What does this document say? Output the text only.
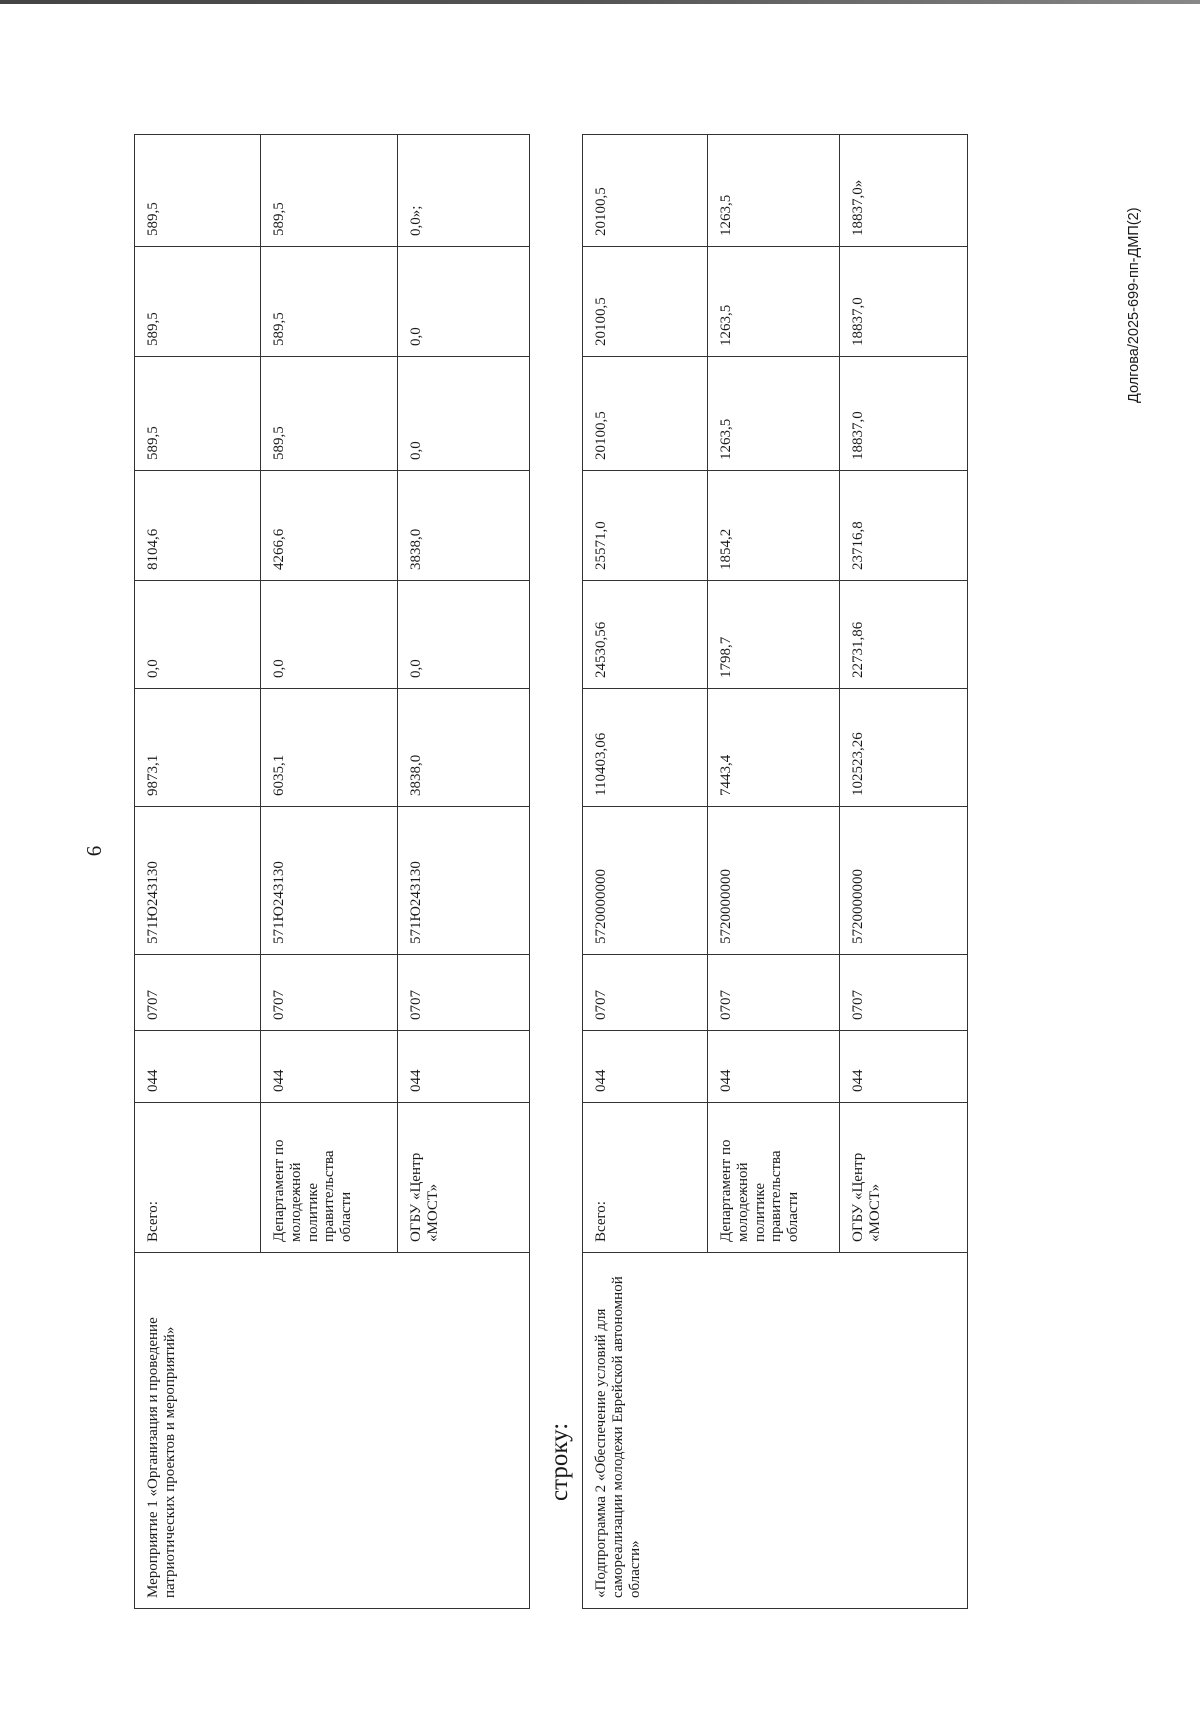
6
Мероприятие 1 «Организация и проведение патриотических проектов и мероприятий»	Всего:	044	0707	571Ю243130	9873,1	0,0	8104,6	589,5	589,5	589,5
	Департамент по молодежной политике правительства области	044	0707	571Ю243130	6035,1	0,0	4266,6	589,5	589,5	589,5
	ОГБУ «Центр «МОСТ»	044	0707	571Ю243130	3838,0	0,0	3838,0	0,0	0,0	0,0»;
строку: «Подпрограмма 2 «Обеспечение условий для самореализации молодежи Еврейской автономной области»	Всего:	044	0707	5720000000	110403,06	24530,56	25571,0	20100,5	20100,5	20100,5
	Департамент по молодежной политике правительства области	044	0707	5720000000	7443,4	1798,7	1854,2	1263,5	1263,5	1263,5
	ОГБУ «Центр «МОСТ»	044	0707	5720000000	102523,26	22731,86	23716,8	18837,0	18837,0	18837,0»	Долгова/2025-699-пп-ДМП(2)
